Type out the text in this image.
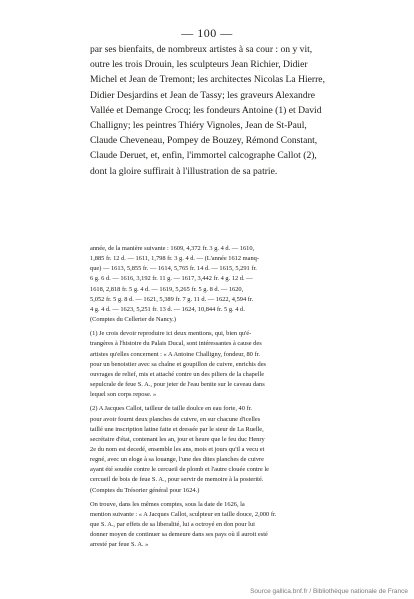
— 100 —
par ses bienfaits, de nombreux artistes à sa cour : on y vit,
outre les trois Drouin, les sculpteurs Jean Richier, Didier
Michel et Jean de Tremont; les architectes Nicolas La Hierre,
Didier Desjardins et Jean de Tassy; les graveurs Alexandre
Vallée et Demange Crocq; les fondeurs Antoine (1) et David
Challigny; les peintres Thiéry Vignoles, Jean de St-Paul,
Claude Cheveneau, Pompey de Bouzey, Rémond Constant,
Claude Deruet, et, enfin, l'immortel calcographe Callot (2),
dont la gloire suffirait à l'illustration de sa patrie.
année, de la manière suivante : 1609, 4,372 fr. 3 g. 4 d. — 1610,
1,885 fr. 12 d. — 1611, 1,798 fr. 3 g. 4 d. — (L'année 1612 manq-
que) — 1613, 5,855 fr. — 1614, 5,765 fr. 14 d. — 1615, 5,291 fr.
6 g. 6 d. — 1616, 3,192 fr. 11 g. — 1617, 3,442 fr. 4 g. 12 d. —
1618, 2,818 fr. 5 g. 4 d. — 1619, 5,265 fr. 5 g. 8 d. — 1620,
5,052 fr. 5 g. 8 d. — 1621, 5,389 fr. 7 g. 11 d. — 1622, 4,594 fr.
4 g. 4 d. — 1623, 5,251 fr. 13 d. — 1624, 10,844 fr. 5 g. 4 d.
(Comptes du Cellerier de Nancy.)
(1) Je crois devoir reproduire ici deux mentions, qui, bien qu'é-
trangères à l'histoire du Palais Ducal, sont intéressantes à cause des
artistes qu'elles concernent : « A Antoine Challigny, fondeur, 80 fr.
pour un benoistier avec sa chaîne et goupillon de cuivre, enrichis des
ouvrages de relief, mis et attaché contre un des piliers de la chapelle
sepulcrale de feue S. A., pour jeter de l'eau benite sur le caveau dans
lequel son corps repose. »
(2) A Jacques Callot, tailleur de taille doulce en eau forte, 40 fr.
pour avoir fourni deux planches de cuivre, en sur chacune d'icelles
taillé une inscription latine faite et dressée par le sieur de La Ruelle,
secrétaire d'état, contenant les an, jour et heure que le feu duc Henry
2e du nom est decedé, ensemble les ans, mois et jours qu'il a vecu et
regné, avec un eloge à sa louange, l'une des dites planches de cuivre
ayant été soudée contre le cercueil de plomb et l'autre clouée contre le
cercueil de bois de feue S. A., pour servir de memoire à la posterité.
(Comptes du Trésorier général pour 1624.)
On trouve, dans les mêmes comptes, sous la date de 1626, la
mention suivante : « A Jacques Callot, sculpteur en taille douce, 2,000 fr.
que S. A., par effets de sa liberalité, lui a octroyé en don pour lui
donner moyen de continuer sa demeure dans ses pays où il auroit esté
arresté par feue S. A. »
Source gallica.bnf.fr / Bibliothèque nationale de France
